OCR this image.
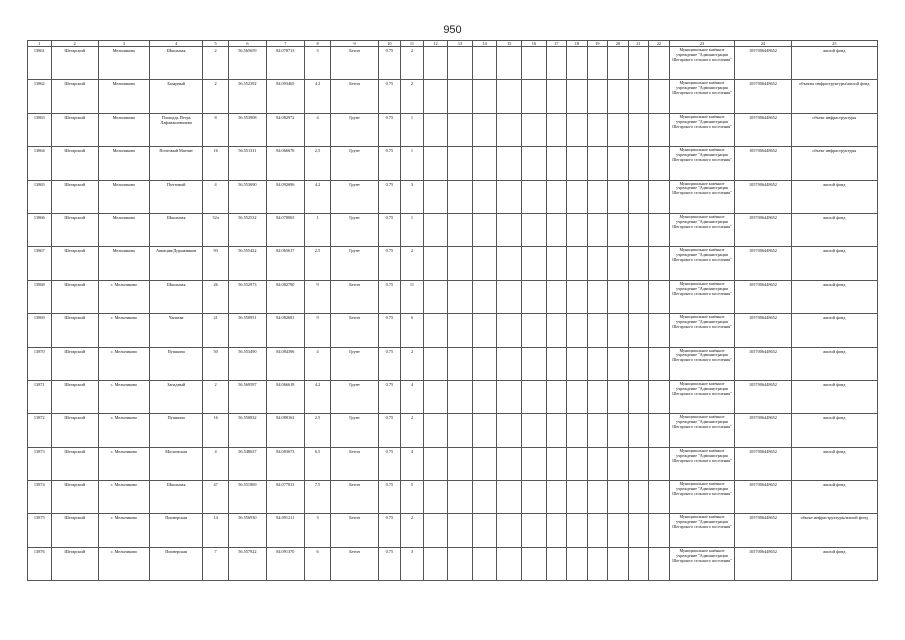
950
1	2	3	4	5	6	7	8	9	10	11	12	13	14	15	16	17	18	19	20	21	22	23	24	25
13861	Шегарский	Мельниково	Школьная	2	56.565659	84.078713	3	Бетон	0.75	2												Муниципальное казённое учреждение "Администрация Шегарского сельского поселения"	1057006448652	жилой фонд
13862	Шегарский	Мельниково	Базарный	2	56.552392	84.093465	4.2	Бетон	0.75	2												Муниципальное казённое учреждение "Администрация Шегарского сельского поселения"	1057006448652	объекты инфраструктуры/жилой фонд
13863	Шегарский	Мельниково	Площадь Петра Лафанашевичева	8	56.553908	84.082972	4	Грунт	0.75	1												Муниципальное казённое учреждение "Администрация Шегарского сельского поселения"	1057006448652	объект инфраструктуры
13864	Шегарский	Мельниково	Почтовый Магнит	16	56.551311	84.066676	2,5	Грунт	0.75	1												Муниципальное казённое учреждение "Администрация Шегарского сельского поселения"	1057006448652	объект инфраструктуры
13865	Шегарский	Мельниково	Почтовый	4	56.553690	84.092696	4.2	Грунт	0.75	3												Муниципальное казённое учреждение "Администрация Шегарского сельского поселения"	1057006448652	жилой фонд
13866	Шегарский	Мельниково	Школьная	52а	56.552532	84.078065	1	Грунт	0.75	1												Муниципальное казённое учреждение "Администрация Шегарского сельского поселения"	1057006448652	жилой фонд
13867	Шегарский	Мельниково	Авиации/Дорожников	93	56.555422	84.065617	2.5	Грунт	0.75	2												Муниципальное казённое учреждение "Администрация Шегарского сельского поселения"	1057006448652	жилой фонд
13868	Шегарский	с. Мельниково	Школьная	26	56.552973	84.082790	9	Бетон	0.75	11												Муниципальное казённое учреждение "Администрация Шегарского сельского поселения"	1057006448652	жилой фонд
13869	Шегарский	с. Мельниково	Чапаева	21	56.550951	84.082681	9	Бетон	0.75	6												Муниципальное казённое учреждение "Администрация Шегарского сельского поселения"	1057006448652	жилой фонд
13870	Шегарский	с. Мельниково	Пушкина	50	56.553490	84.084396	4	Грунт	0.75	2												Муниципальное казённое учреждение "Администрация Шегарского сельского поселения"	1057006448652	жилой фонд
13871	Шегарский	с. Мельниково	Западный	2	56.569597	84.066618	4,2	Грунт	0.75	4												Муниципальное казённое учреждение "Администрация Шегарского сельского поселения"	1057006448652	жилой фонд
13872	Шегарский	с. Мельниково	Пушкина	16	56.550832	84.088162	2,5	Грунт	0.75	2												Муниципальное казённое учреждение "Администрация Шегарского сельского поселения"	1057006448652	жилой фонд
13873	Шегарский	с. Мельниково	Московская	4	56.548637	84.083673	6.5	Бетон	0.75	4												Муниципальное казённое учреждение "Администрация Шегарского сельского поселения"	1057006448652	жилой фонд
13874	Шегарский	с. Мельниково	Школьная	47	56.551869	84.077813	7.5	Бетон	0.75	5												Муниципальное казённое учреждение "Администрация Шегарского сельского поселения"	1057006448652	жилой фонд
13875	Шегарский	с. Мельниково	Пионерская	14	56.556930	84.091211	3	Бетон	0.75	2												Муниципальное казённое учреждение "Администрация Шегарского сельского поселения"	1057006448652	объект инфраструктуры/жилой фонд
13876	Шегарский	с. Мельниково	Пионерская	7	56.557922	84.091370	6	Бетон	0.75	3												Муниципальное казённое учреждение "Администрация Шегарского сельского поселения"	1057006448652	жилой фонд
